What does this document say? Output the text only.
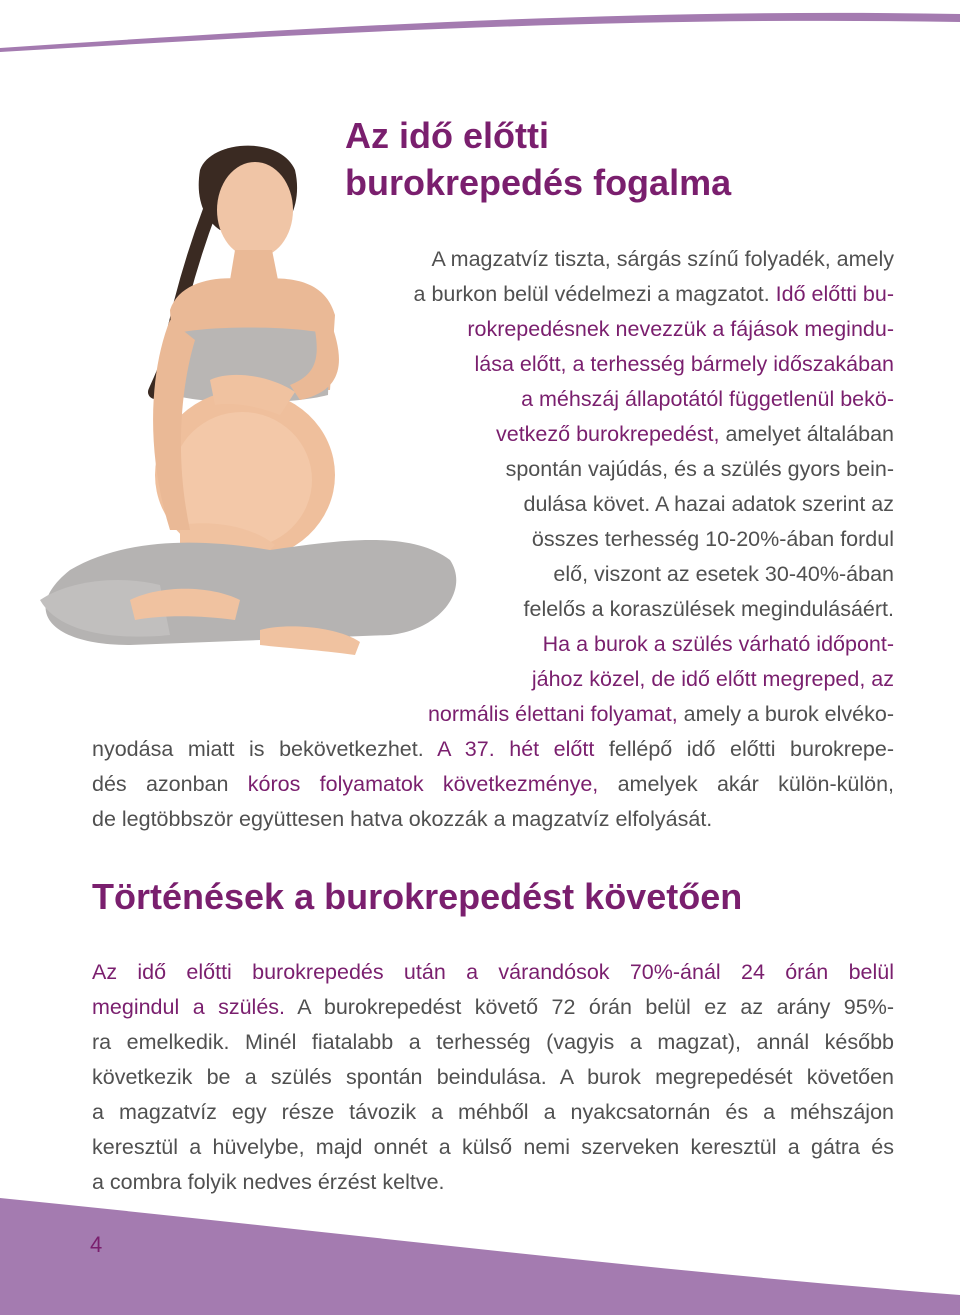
Az idő előtti
burokrepedés fogalma
A magzatvíz tiszta, sárgás színű folyadék, amely
a burkon belül védelmezi a magzatot. Idő előtti bu-
rokrepedésnek nevezzük a fájások megindu-
lása előtt, a terhesség bármely időszakában
a méhszáj állapotától függetlenül bekö-
vetkező burokrepedést, amelyet általában
spontán vajúdás, és a szülés gyors bein-
dulása követ. A hazai adatok szerint az
összes terhesség 10-20%-ában fordul
elő, viszont az esetek 30-40%-ában
felelős a koraszülések megindulásáért.
Ha a burok a szülés várható időpont-
jához közel, de idő előtt megreped, az
normális élettani folyamat, amely a burok elvéko-
nyodása miatt is bekövetkezhet. A 37. hét előtt fellépő idő előtti burokrepe-
dés azonban kóros folyamatok következménye, amelyek akár külön-külön,
de legtöbbször együttesen hatva okozzák a magzatvíz elfolyását.
Történések a burokrepedést követően
Az idő előtti burokrepedés után a várandósok 70%-ánál 24 órán belül
megindul a szülés. A burokrepedést követő 72 órán belül ez az arány 95%-
ra emelkedik. Minél fiatalabb a terhesség (vagyis a magzat), annál később
következik be a szülés spontán beindulása. A burok megrepedését követően
a magzatvíz egy része távozik a méhből a nyakcsatornán és a méhszájon
keresztül a hüvelybe, majd onnét a külső nemi szerveken keresztül a gátra és
a combra folyik nedves érzést keltve.
4
